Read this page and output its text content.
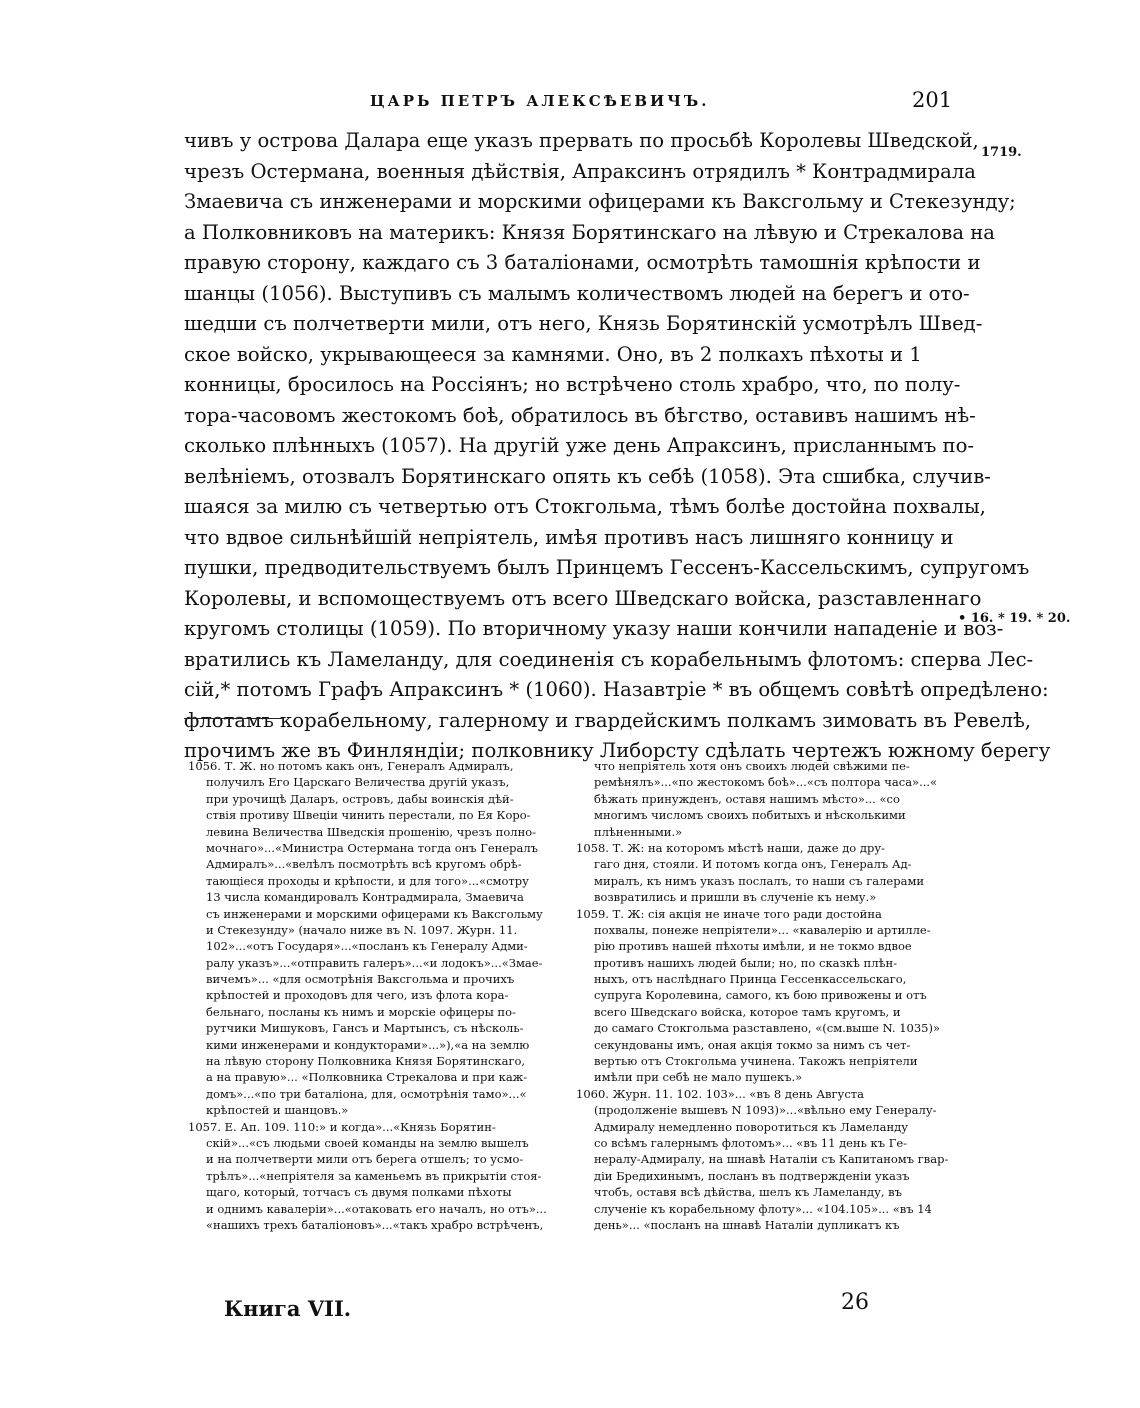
ЦАРЬ ПЕТРЪ АЛЕКСѢЕВИЧЪ.	201
чивъ у острова Далара еще указъ прервать по просьбѣ Королевы Шведской,
чрезъ Остермана, военныя дѣйствія, Апраксинъ отрядилъ * Контрадмирала
Змаевича съ инженерами и морскими офицерами къ Ваксгольму и Стекезунду;
а Полковниковъ на материкъ: Князя Борятинскаго на лѣвую и Стрекалова на
правую сторону, каждаго съ 3 баталіонами, осмотрѣть тамошнія крѣпости и
шанцы (1056). Выступивъ съ малымъ количествомъ людей на берегъ и ото-
шедши съ полчетверти мили, отъ него, Князь Борятинскій усмотрѣлъ Швед-
ское войско, укрывающееся за камнями. Оно, въ 2 полкахъ пѣхоты и 1
конницы, бросилось на Россіянъ; но встрѣчено столь храбро, что, по полу-
тора-часовомъ жестокомъ боѣ, обратилось въ бѣгство, оставивъ нашимъ нѣ-
сколько плѣнныхъ (1057). На другій уже день Апраксинъ, присланнымъ по-
велѣніемъ, отозвалъ Борятинскаго опять къ себѣ (1058). Эта сшибка, случив-
шаяся за милю съ четвертью отъ Стокгольма, тѣмъ болѣе достойна похвалы,
что вдвое сильнѣйшій непріятель, имѣя противъ насъ лишняго конницу и
пушки, предводительствуемъ былъ Принцемъ Гессенъ-Кассельскимъ, супругомъ
Королевы, и вспомоществуемъ отъ всего Шведскаго войска, разставленнаго
кругомъ столицы (1059). По вторичному указу наши кончили нападеніе и воз-
вратились къ Ламеланду, для соединенія съ корабельнымъ флотомъ: сперва Лес-
сій,* потомъ Графъ Апраксинъ * (1060). Назавтріе * въ общемъ совѣтѣ опредѣлено:
флотамъ корабельному, галерному и гвардейскимъ полкамъ зимовать въ Ревелѣ,
прочимъ же въ Финляндіи; полковнику Либорсту сдѣлать чертежъ южному берегу
1719.
• 16. * 19. * 20.
1056. Т. Ж. но потомъ какъ онъ, Генералъ Адмиралъ,
получилъ Его Царскаго Величества другій указъ,
при урочищѣ Даларъ, островъ, дабы воинскія дѣй-
ствія противу Швеціи чинить перестали, по Ея Коро-
левина Величества Шведскія прошенію, чрезъ полно-
мочнаго»...«Министра Остермана тогда онъ Генералъ
Адмиралъ»...«велѣлъ посмотрѣть всѣ кругомъ обрѣ-
тающіеся проходы и крѣпости, и для того»...«смотру
13 числа командировалъ Контрадмирала, Змаевича
съ инженерами и морскими офицерами къ Ваксгольму
и Стекезунду» (начало ниже въ N. 1097. Журн. 11.
102»...«отъ Государя»...«посланъ къ Генералу Адми-
ралу указъ»...«отправить галеръ»...«и лодокъ»...«Змае-
вичемъ»... «для осмотрѣнія Ваксгольма и прочихъ
крѣпостей и проходовъ для чего, изъ флота кора-
бельнаго, посланы къ нимъ и морскіе офицеры по-
рутчики Мишуковъ, Гансъ и Мартынсъ, съ нѣсколь-
кими инженерами и кондукторами»...»),«а на землю
на лѣвую сторону Полковника Князя Борятинскаго,
а на правую»... «Полковника Стрекалова и при каж-
домъ»...«по три баталіона, для, осмотрѣнія тамо»...«
крѣпостей и шанцовъ.»
1057. Е. Ап. 109. 110:» и когда»...«Князь Борятин-
скій»...«съ людьми своей команды на землю вышелъ
и на полчетверти мили отъ берега отшелъ; то усмо-
трѣлъ»...«непріятеля за каменьемъ въ прикрытіи стоя-
щаго, который, тотчасъ съ двумя полками пѣхоты
и однимъ кавалеріи»...«отаковать его началъ, но отъ»...
«нашихъ трехъ баталіоновъ»...«такъ храбро встрѣченъ,
что непріятель хотя онъ своихъ людей свѣжими пе-
ремѣнялъ»...«по жестокомъ боѣ»...«съ полтора часа»...«
бѣжать принужденъ, оставя нашимъ мѣсто»... «со
многимъ числомъ своихъ побитыхъ и нѣсколькими
плѣненными.»
1058. Т. Ж: на которомъ мѣстѣ наши, даже до дру-
гаго дня, стояли. И потомъ когда онъ, Генералъ Ад-
миралъ, къ нимъ указъ послалъ, то наши съ галерами
возвратились и пришли въ слученіе къ нему.»
1059. Т. Ж: сія акція не иначе того ради достойна
похвалы, понеже непріятели»... «кавалерію и артилле-
рію противъ нашей пѣхоты имѣли, и не токмо вдвое
противъ нашихъ людей были; но, по сказкѣ плѣн-
ныхъ, отъ наслѣднаго Принца Гессенкассельскаго,
супруга Королевина, самого, къ бою привожены и отъ
всего Шведскаго войска, которое тамъ кругомъ, и
до самаго Стокгольма разставлено, «(см.выше N. 1035)»
секундованы имъ, оная акція токмо за нимъ съ чет-
вертью отъ Стокгольма учинена. Такожъ непріятели
имѣли при себѣ не мало пушекъ.»
1060. Журн. 11. 102. 103»... «въ 8 день Августа
(продолженіе вышевъ N 1093)»...«вѣльно ему Генералу-
Адмиралу немедленно поворотиться къ Ламеланду
со всѣмъ галернымъ флотомъ»... «въ 11 день къ Ге-
нералу-Адмиралу, на шнавѣ Наталіи съ Капитаномъ гвар-
діи Бредихинымъ, посланъ въ подтвержденіи указъ
чтобъ, оставя всѣ дѣйства, шелъ къ Ламеланду, въ
слученіе къ корабельному флоту»... «104.105»... «въ 14
день»... «посланъ на шнавѣ Наталіи дупликатъ къ
Книга VII.	26
